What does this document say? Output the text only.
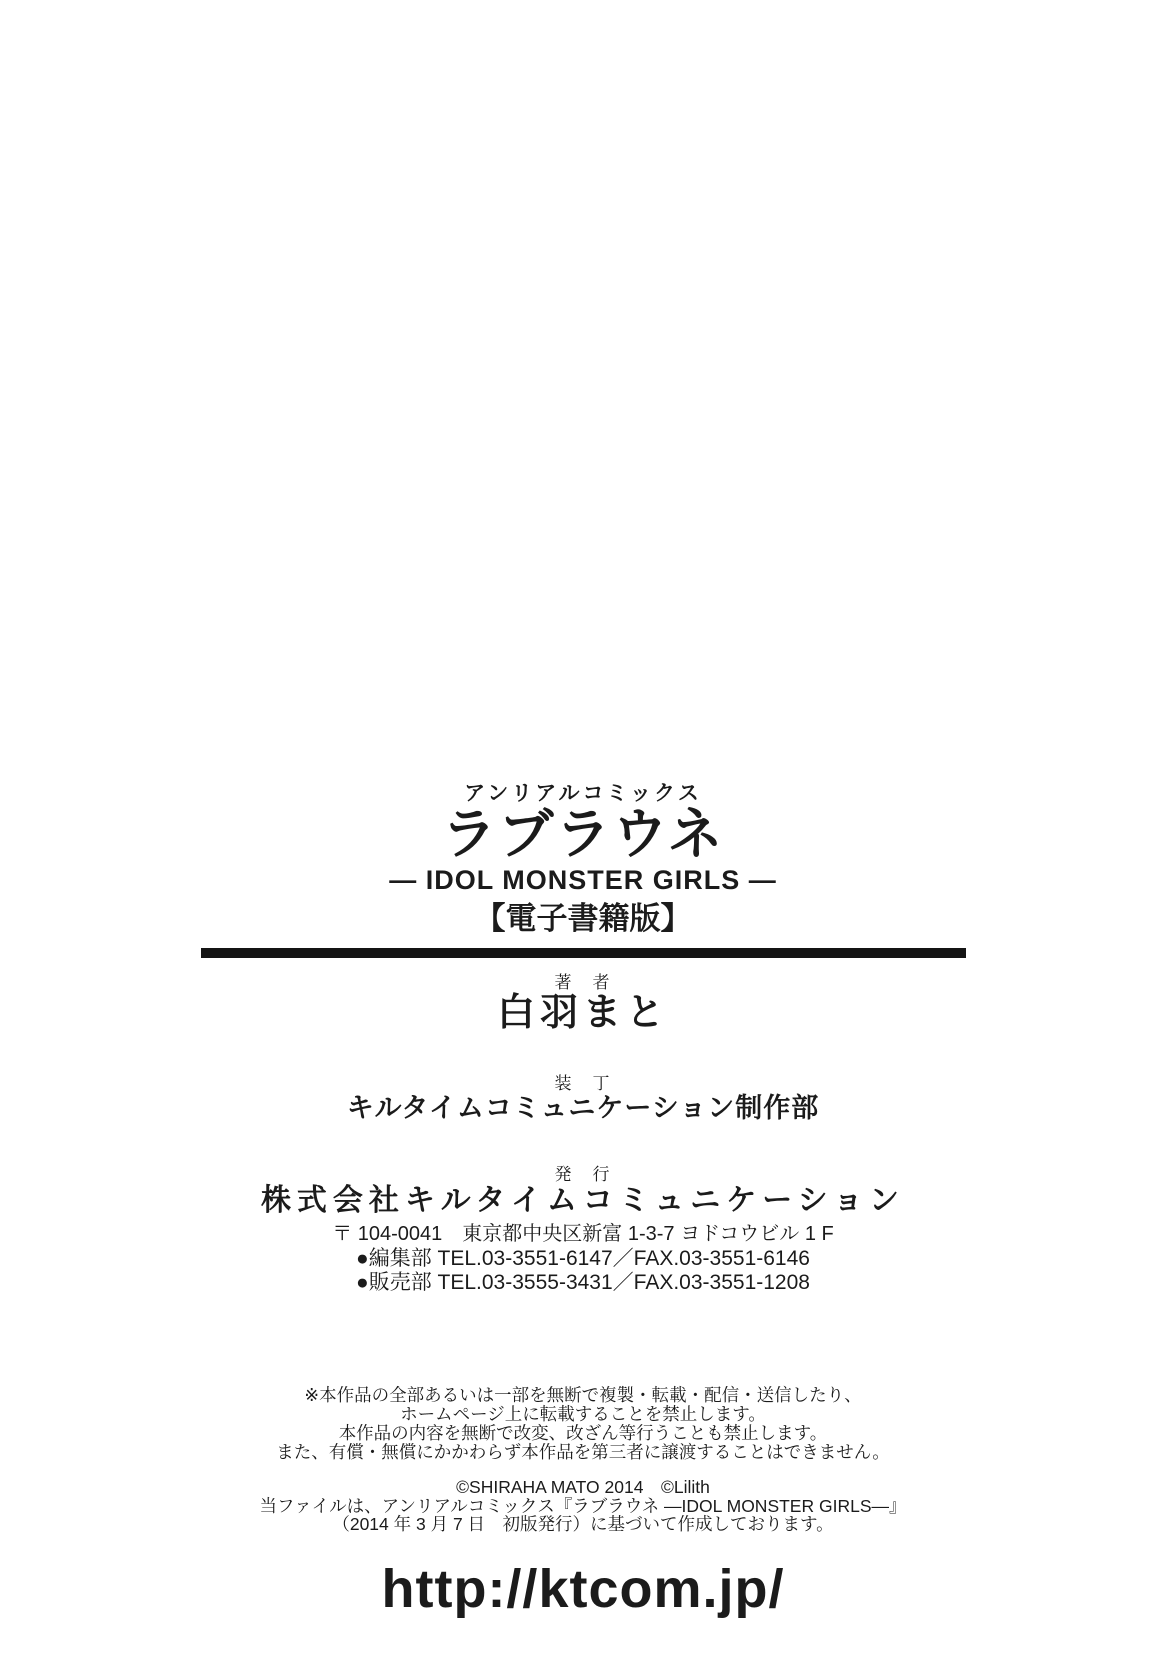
アンリアルコミックス
ラブラウネ
― IDOL MONSTER GIRLS ―
【電子書籍版】
著　者
白羽まと
装　丁
キルタイムコミュニケーション制作部
発　行
株式会社キルタイムコミュニケーション
〒 104-0041　東京都中央区新富 1-3-7 ヨドコウビル 1 F
●編集部 TEL.03-3551-6147／FAX.03-3551-6146
●販売部 TEL.03-3555-3431／FAX.03-3551-1208
※本作品の全部あるいは一部を無断で複製・転載・配信・送信したり、
ホームページ上に転載することを禁止します。
本作品の内容を無断で改変、改ざん等行うことも禁止します。
また、有償・無償にかかわらず本作品を第三者に譲渡することはできません。
©SHIRAHA MATO 2014　©Lilith
当ファイルは、アンリアルコミックス『ラブラウネ ―IDOL MONSTER GIRLS―』
（2014 年 3 月 7 日　初版発行）に基づいて作成しております。
http://ktcom.jp/
